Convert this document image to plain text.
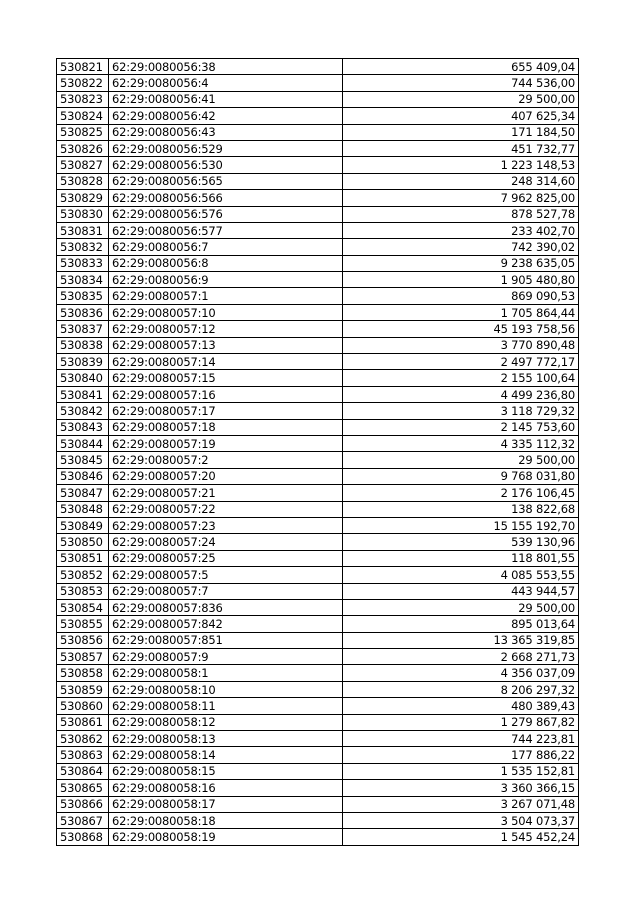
530821	62:29:0080056:38	655 409,04
530822	62:29:0080056:4	744 536,00
530823	62:29:0080056:41	29 500,00
530824	62:29:0080056:42	407 625,34
530825	62:29:0080056:43	171 184,50
530826	62:29:0080056:529	451 732,77
530827	62:29:0080056:530	1 223 148,53
530828	62:29:0080056:565	248 314,60
530829	62:29:0080056:566	7 962 825,00
530830	62:29:0080056:576	878 527,78
530831	62:29:0080056:577	233 402,70
530832	62:29:0080056:7	742 390,02
530833	62:29:0080056:8	9 238 635,05
530834	62:29:0080056:9	1 905 480,80
530835	62:29:0080057:1	869 090,53
530836	62:29:0080057:10	1 705 864,44
530837	62:29:0080057:12	45 193 758,56
530838	62:29:0080057:13	3 770 890,48
530839	62:29:0080057:14	2 497 772,17
530840	62:29:0080057:15	2 155 100,64
530841	62:29:0080057:16	4 499 236,80
530842	62:29:0080057:17	3 118 729,32
530843	62:29:0080057:18	2 145 753,60
530844	62:29:0080057:19	4 335 112,32
530845	62:29:0080057:2	29 500,00
530846	62:29:0080057:20	9 768 031,80
530847	62:29:0080057:21	2 176 106,45
530848	62:29:0080057:22	138 822,68
530849	62:29:0080057:23	15 155 192,70
530850	62:29:0080057:24	539 130,96
530851	62:29:0080057:25	118 801,55
530852	62:29:0080057:5	4 085 553,55
530853	62:29:0080057:7	443 944,57
530854	62:29:0080057:836	29 500,00
530855	62:29:0080057:842	895 013,64
530856	62:29:0080057:851	13 365 319,85
530857	62:29:0080057:9	2 668 271,73
530858	62:29:0080058:1	4 356 037,09
530859	62:29:0080058:10	8 206 297,32
530860	62:29:0080058:11	480 389,43
530861	62:29:0080058:12	1 279 867,82
530862	62:29:0080058:13	744 223,81
530863	62:29:0080058:14	177 886,22
530864	62:29:0080058:15	1 535 152,81
530865	62:29:0080058:16	3 360 366,15
530866	62:29:0080058:17	3 267 071,48
530867	62:29:0080058:18	3 504 073,37
530868	62:29:0080058:19	1 545 452,24
